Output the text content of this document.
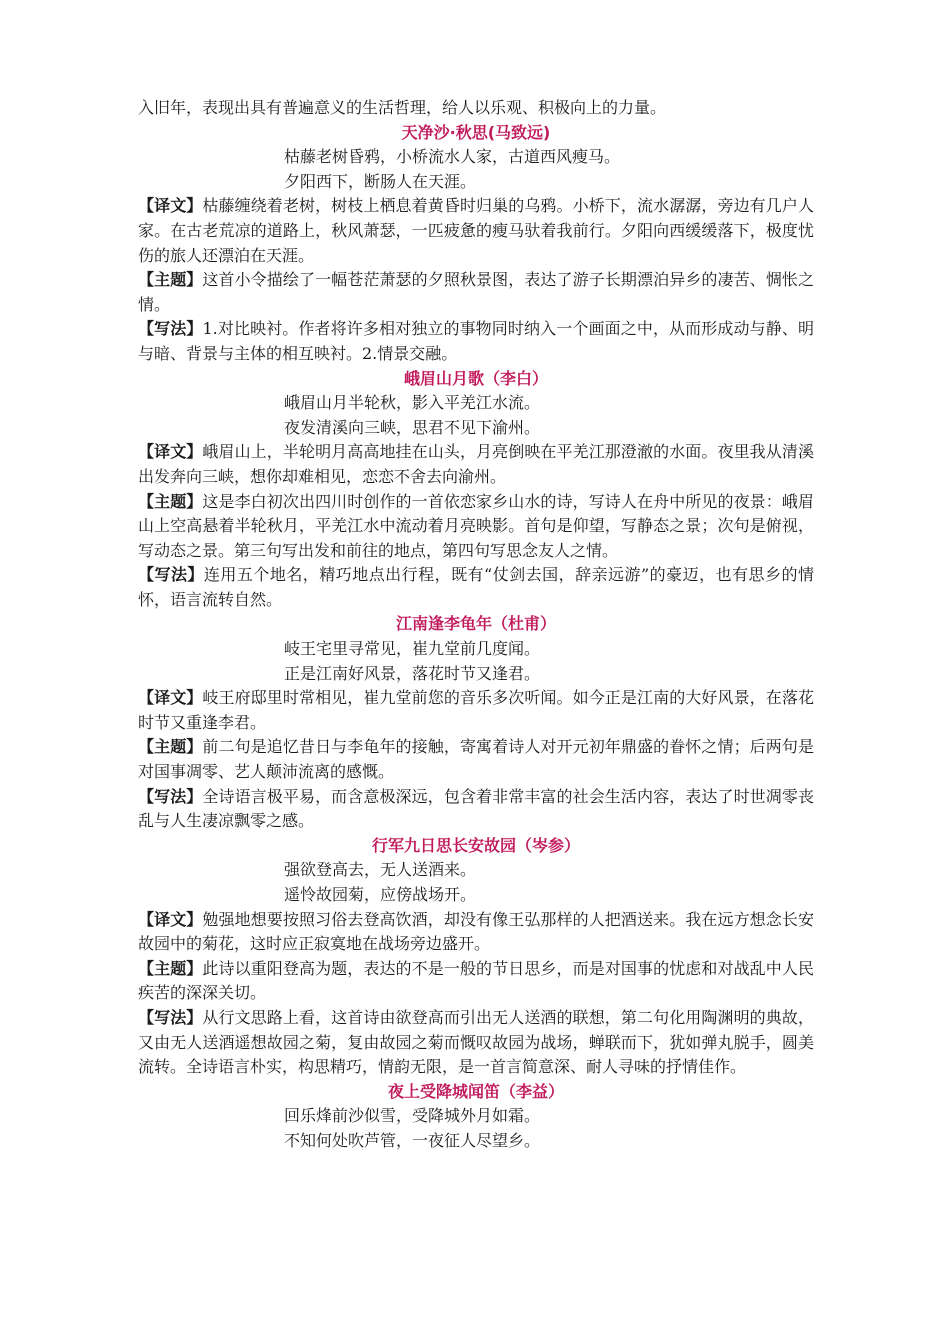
入旧年，表现出具有普遍意义的生活哲理，给人以乐观、积极向上的力量。

天净沙·秋思(马致远)

枯藤老树昏鸦，小桥流水人家，古道西风瘦马。

夕阳西下，断肠人在天涯。

【译文】枯藤缠绕着老树，树枝上栖息着黄昏时归巢的乌鸦。小桥下，流水潺潺，旁边有几户人家。在古老荒凉的道路上，秋风萧瑟，一匹疲惫的瘦马驮着我前行。夕阳向西缓缓落下，极度忧伤的旅人还漂泊在天涯。

【主题】这首小令描绘了一幅苍茫萧瑟的夕照秋景图，表达了游子长期漂泊异乡的凄苦、惆怅之情。

【写法】1.对比映衬。作者将许多相对独立的事物同时纳入一个画面之中，从而形成动与静、明与暗、背景与主体的相互映衬。2.情景交融。

峨眉山月歌（李白）

峨眉山月半轮秋，影入平羌江水流。

夜发清溪向三峡，思君不见下渝州。

【译文】峨眉山上，半轮明月高高地挂在山头，月亮倒映在平羌江那澄澈的水面。夜里我从清溪出发奔向三峡，想你却难相见，恋恋不舍去向渝州。

【主题】这是李白初次出四川时创作的一首依恋家乡山水的诗，写诗人在舟中所见的夜景：峨眉山上空高悬着半轮秋月，平羌江水中流动着月亮映影。首句是仰望，写静态之景；次句是俯视，写动态之景。第三句写出发和前往的地点，第四句写思念友人之情。

【写法】连用五个地名，精巧地点出行程，既有“仗剑去国，辞亲远游”的豪迈，也有思乡的情怀，语言流转自然。

江南逢李龟年（杜甫）

岐王宅里寻常见，崔九堂前几度闻。

正是江南好风景，落花时节又逢君。

【译文】岐王府邸里时常相见，崔九堂前您的音乐多次听闻。如今正是江南的大好风景，在落花时节又重逢李君。

【主题】前二句是追忆昔日与李龟年的接触，寄寓着诗人对开元初年鼎盛的眷怀之情；后两句是对国事凋零、艺人颠沛流离的感慨。

【写法】全诗语言极平易，而含意极深远，包含着非常丰富的社会生活内容，表达了时世凋零丧乱与人生凄凉飘零之感。

行军九日思长安故园（岑参）

强欲登高去，无人送酒来。

遥怜故园菊，应傍战场开。

【译文】勉强地想要按照习俗去登高饮酒，却没有像王弘那样的人把酒送来。我在远方想念长安故园中的菊花，这时应正寂寞地在战场旁边盛开。

【主题】此诗以重阳登高为题，表达的不是一般的节日思乡，而是对国事的忧虑和对战乱中人民疾苦的深深关切。

【写法】从行文思路上看，这首诗由欲登高而引出无人送酒的联想，第二句化用陶渊明的典故，又由无人送酒遥想故园之菊，复由故园之菊而慨叹故园为战场，蝉联而下，犹如弹丸脱手，圆美流转。全诗语言朴实，构思精巧，情韵无限，是一首言简意深、耐人寻味的抒情佳作。

夜上受降城闻笛（李益）

回乐烽前沙似雪，受降城外月如霜。

不知何处吹芦管，一夜征人尽望乡。
